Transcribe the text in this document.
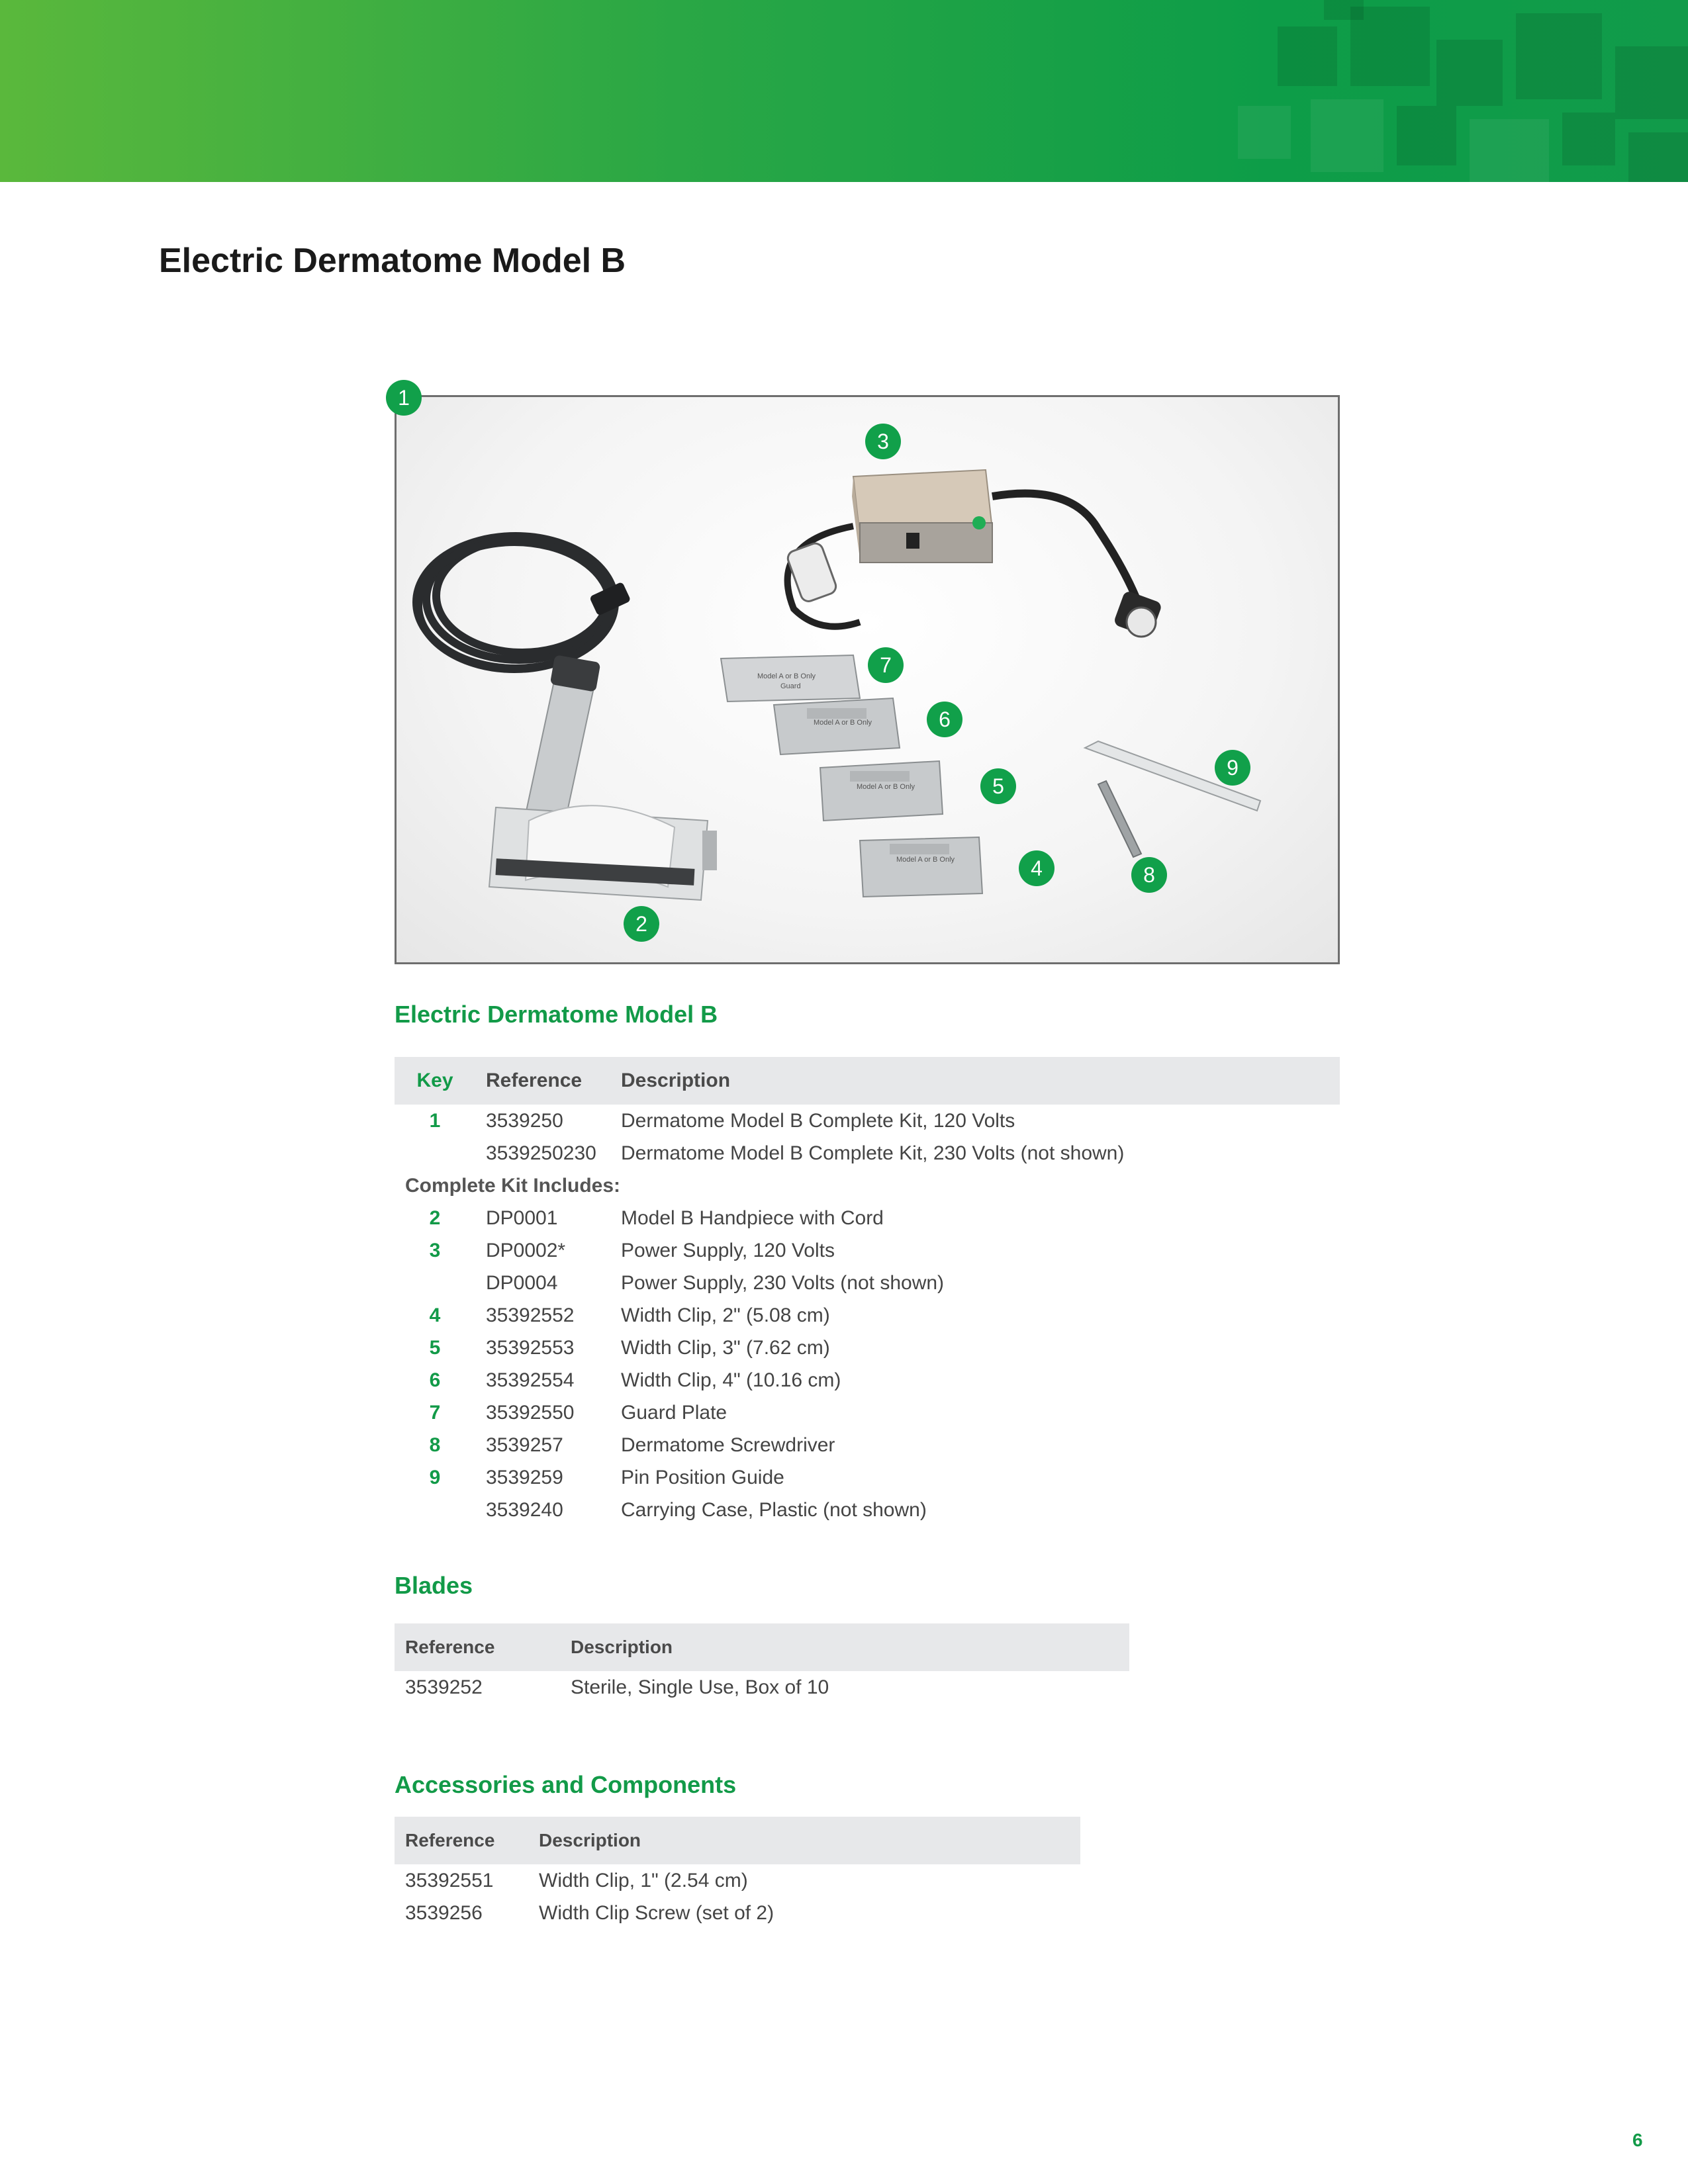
Electric Dermatome Model B
Model A or B Only
Guard
Model A or B Only
Model A or B Only
Model A or B Only
1
2
3
4
5
6
7
8
9
Electric Dermatome Model B
Key	Reference	Description
1	3539250	Dermatome Model B Complete Kit, 120 Volts
	3539250230	Dermatome Model B Complete Kit, 230 Volts (not shown)
Complete Kit Includes:		
2	DP0001	Model B Handpiece with Cord
3	DP0002*	Power Supply, 120 Volts
	DP0004	Power Supply, 230 Volts (not shown)
4	35392552	Width Clip, 2" (5.08 cm)
5	35392553	Width Clip, 3" (7.62 cm)
6	35392554	Width Clip, 4" (10.16 cm)
7	35392550	Guard Plate
8	3539257	Dermatome Screwdriver
9	3539259	Pin Position Guide
	3539240	Carrying Case, Plastic (not shown)
Blades
Reference	Description
3539252	Sterile, Single Use, Box of 10
Accessories and Components
Reference	Description
35392551	Width Clip, 1" (2.54 cm)
3539256	Width Clip Screw (set of 2)
6
